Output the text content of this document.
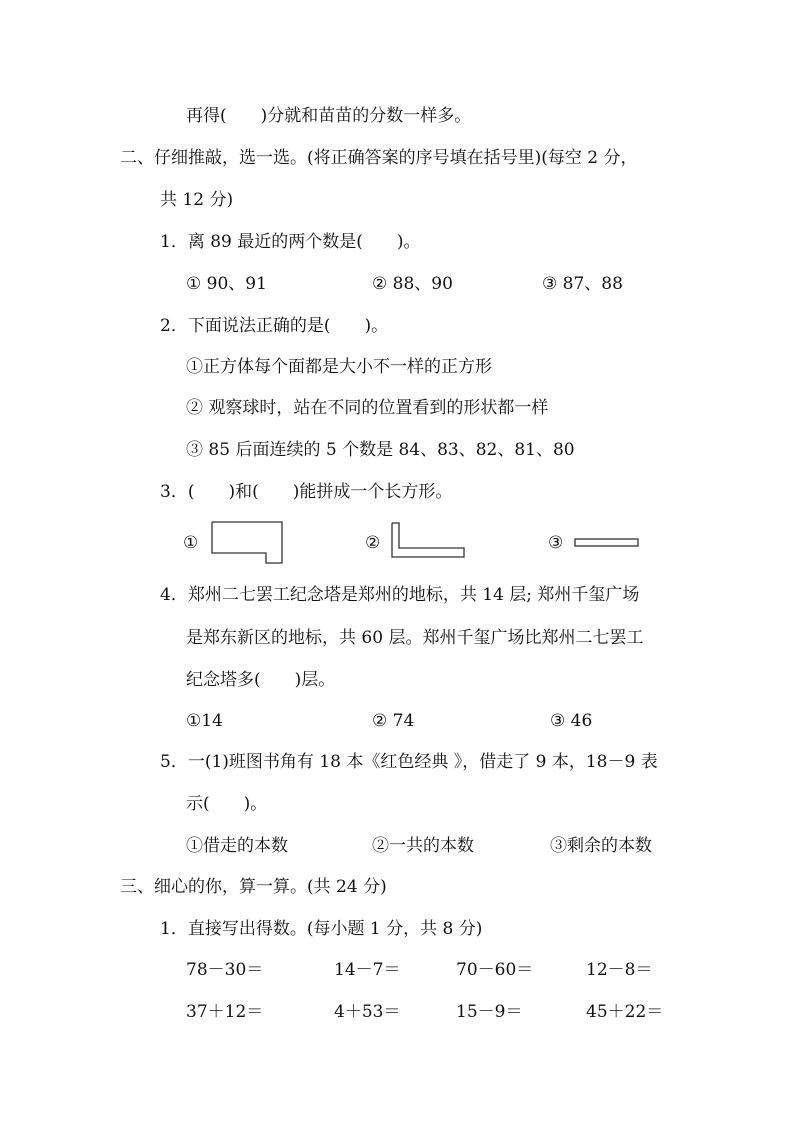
再得(　　)分就和苗苗的分数一样多。
二、仔细推敲，选一选。(将正确答案的序号填在括号里)(每空 2 分，
共 12 分)
1．离 89 最近的两个数是(　　)。
① 90、91	② 88、90	③ 87、88
2．下面说法正确的是(　　)。
①正方体每个面都是大小不一样的正方形
② 观察球时，站在不同的位置看到的形状都一样
③ 85 后面连续的 5 个数是 84、83、82、81、80
3．(　　)和(　　)能拼成一个长方形。
①	②	③
4．郑州二七罢工纪念塔是郑州的地标，共 14 层; 郑州千玺广场
是郑东新区的地标，共 60 层。郑州千玺广场比郑州二七罢工
纪念塔多(　　)层。
①14	② 74	③ 46
5．一(1)班图书角有 18 本《红色经典 》，借走了 9 本，18－9 表
示(　　)。
①借走的本数	②一共的本数	③剩余的本数
三、细心的你，算一算。(共 24 分)
1．直接写出得数。(每小题 1 分，共 8 分)
78－30＝	14－7＝	70－60＝	12－8＝
37＋12＝	4＋53＝	15－9＝	45＋22＝
